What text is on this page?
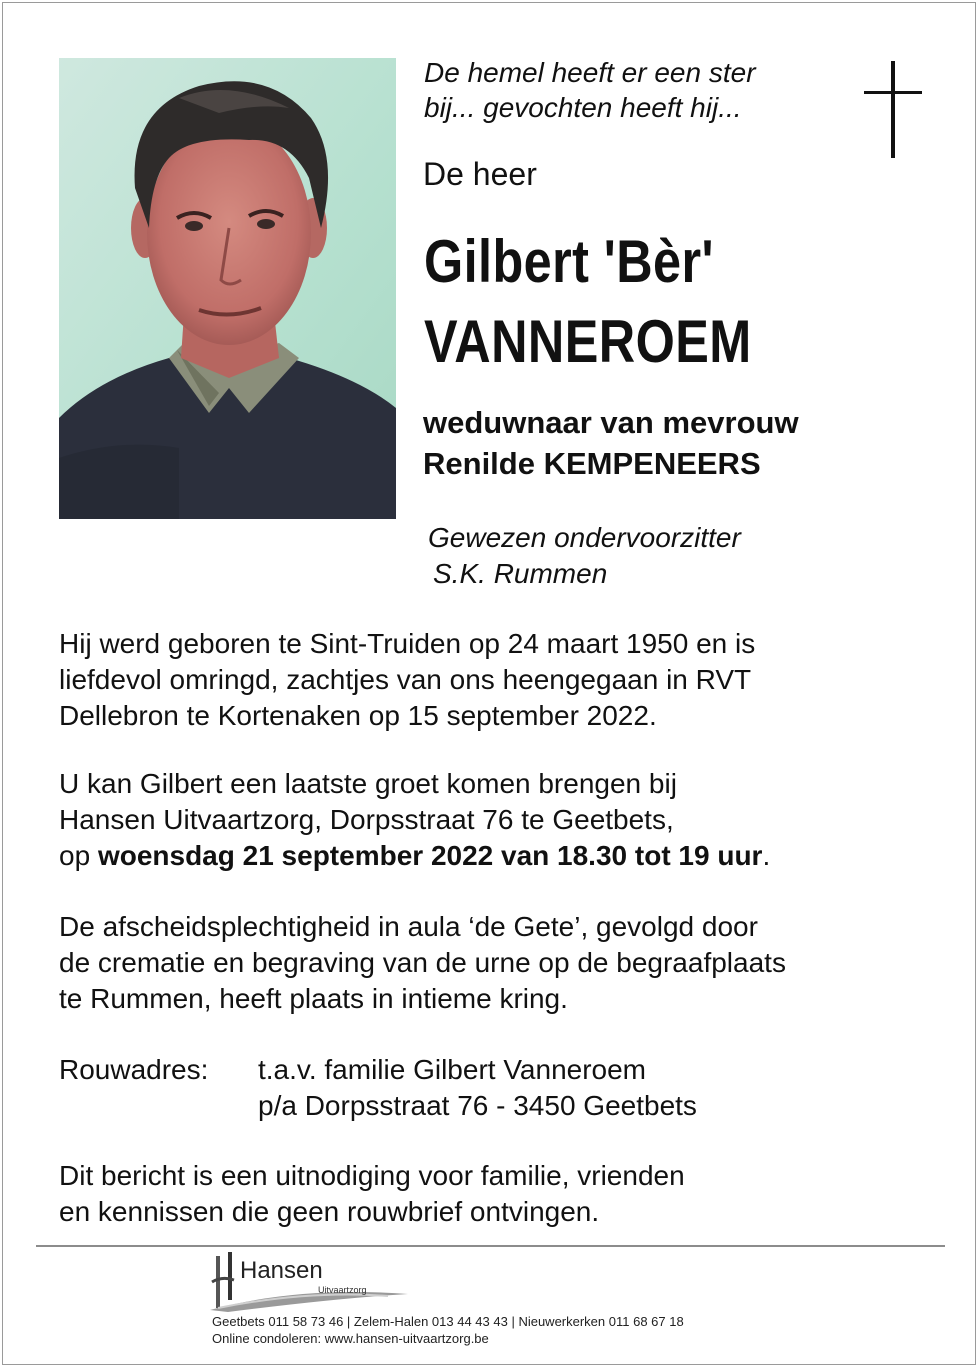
De hemel heeft er een ster
bij... gevochten heeft hij...
De heer
Gilbert 'Bèr'
VANNEROEM
weduwnaar van mevrouw
Renilde KEMPENEERS
Gewezen ondervoorzitter
S.K. Rummen
Hij werd geboren te Sint-Truiden op 24 maart 1950 en is
liefdevol omringd, zachtjes van ons heengegaan in RVT
Dellebron te Kortenaken op 15 september 2022.
U kan Gilbert een laatste groet komen brengen bij
Hansen Uitvaartzorg, Dorpsstraat 76 te Geetbets,
op woensdag 21 september 2022 van 18.30 tot 19 uur.
De afscheidsplechtigheid in aula ‘de Gete’, gevolgd door
de crematie en begraving van de urne op de begraafplaats
te Rummen, heeft plaats in intieme kring.
Rouwadres: t.a.v. familie Gilbert Vanneroem
p/a Dorpsstraat 76 - 3450 Geetbets
Dit bericht is een uitnodiging voor familie, vrienden
en kennissen die geen rouwbrief ontvingen.
Hansen
Uitvaartzorg
Geetbets 011 58 73 46 | Zelem-Halen 013 44 43 43 | Nieuwerkerken 011 68 67 18
Online condoleren: www.hansen-uitvaartzorg.be
